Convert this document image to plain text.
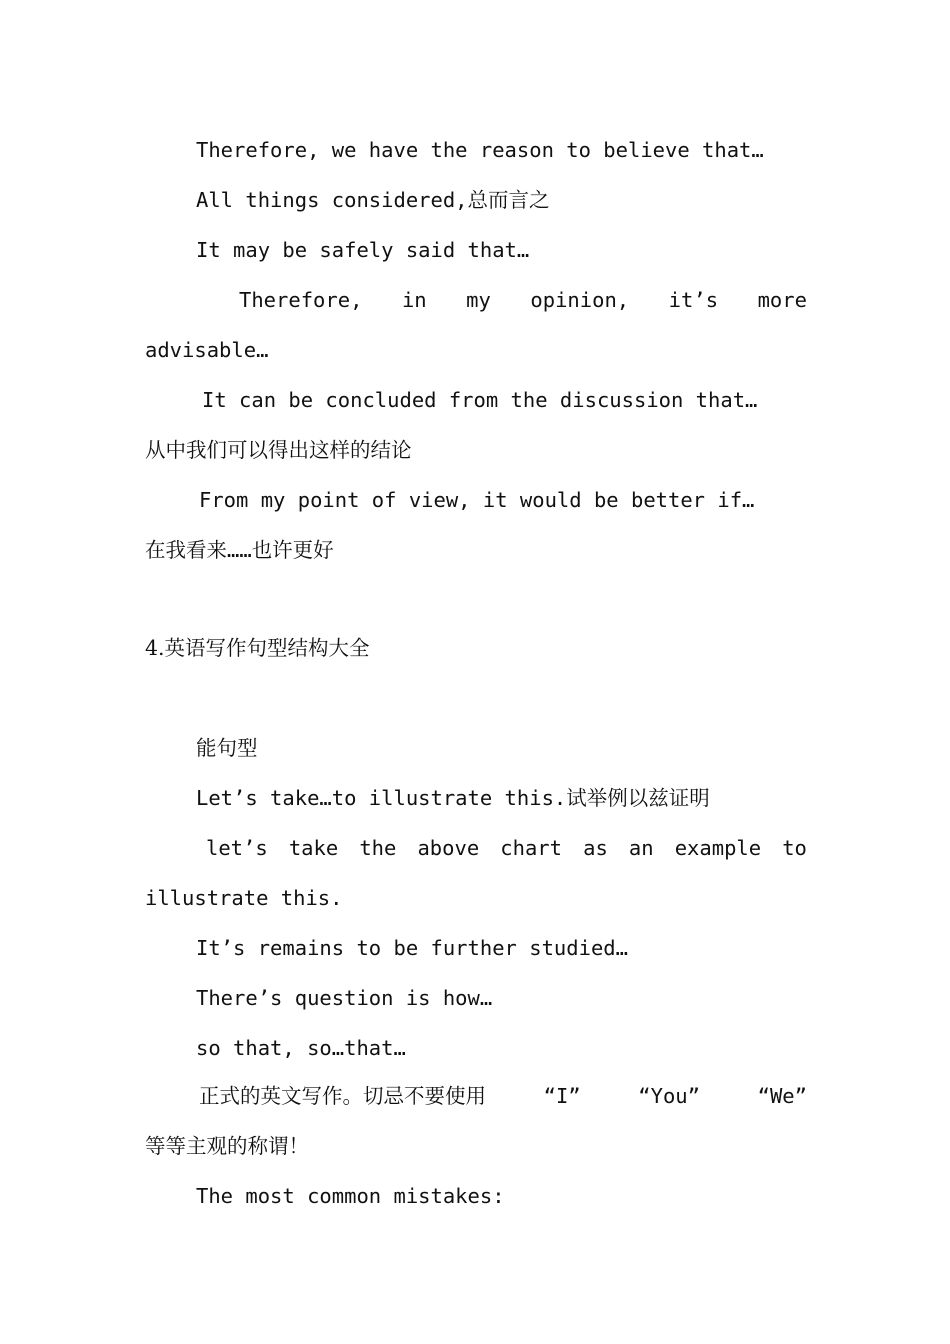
Therefore, we have the reason to believe that…
All things considered,总而言之
It may be safely said that…
Therefore, in my opinion, it’s more
advisable…
It can be concluded from the discussion that…
从中我们可以得出这样的结论
From my point of view, it would be better if…
在我看来……也许更好
4.英语写作句型结构大全
能句型
Let’s take…to illustrate this.试举例以兹证明
let’s take the above chart as an example to
illustrate this.
It’s remains to be further studied…
There’s question is how…
so that, so…that…
正式的英文写作。切忌不要使用	“I”	“You”	“We”
等等主观的称谓！
The most common mistakes:
